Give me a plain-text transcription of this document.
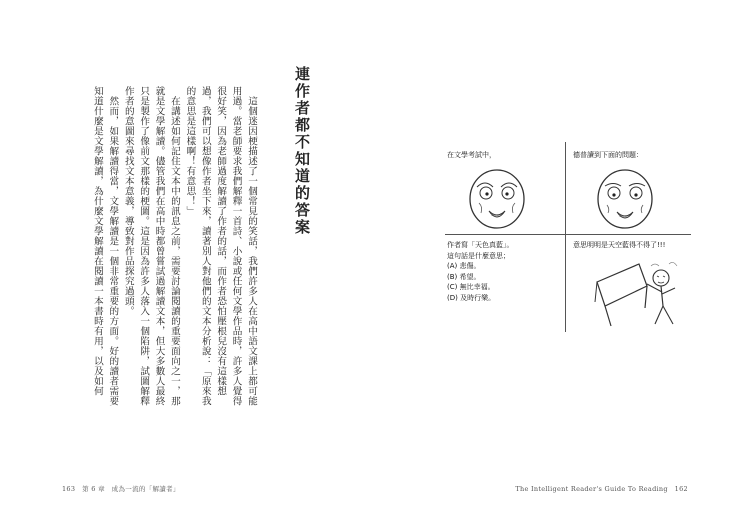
連作者都不知道的答案

這個迷因梗描述了一個常見的笑話，我們許多人在高中語文課上都可能用過。當老師要求我們解釋一首詩、小說或任何文學作品時，許多人覺得很好笑，因為老師過度解讀了作者的話，而作者恐怕壓根兒沒有這樣想過，我們可以想像作者坐下來，讀著別人對他們的文本分析說：「原來我的意思是這樣啊！有意思！」

在講述如何記住文本中的訊息之前，需要討論閱讀的重要面向之一，那就是文學解讀。儘管我們在高中時都曾嘗試過解讀文本，但大多數人最終只是製作了像前文那樣的梗圖。這是因為許多人落入一個陷阱，試圖解釋作者的意圖來尋找文本意義，導致對作品探究過頭。

然而，如果解讀得當，文學解讀是一個非常重要的方面。好的讀者需要知道什麼是文學解讀，為什麼文學解讀在閱讀一本書時有用，以及如何

163　第 6 章　成為一流的「解讀者」
在文學考試中，	德普讀到下面的問題：
作者寫「天色真藍」。
這句話是什麼意思；
(A) 悲傷。
(B) 希望。
(C) 無比幸福。
(D) 及時行樂。
意思明明是天空藍得不得了!!!
The Intelligent Reader's Guide To Reading　162
